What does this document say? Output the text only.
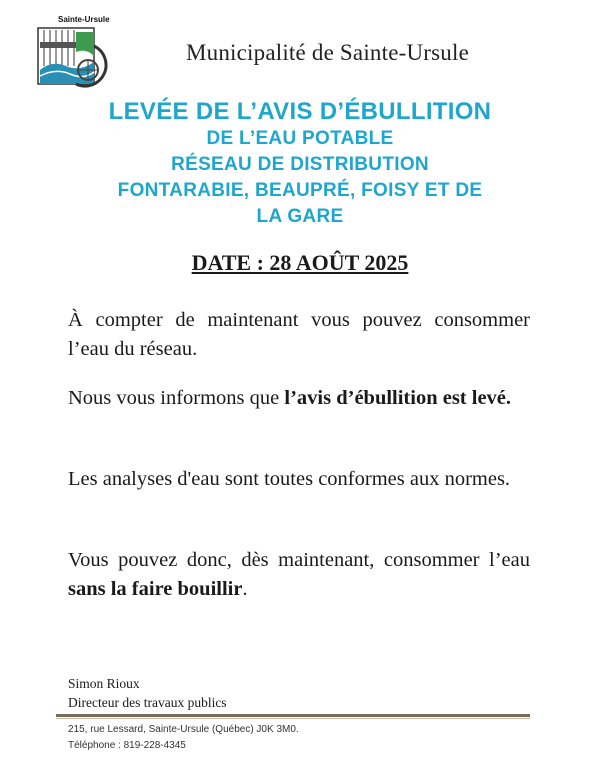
Sainte-Ursule
Municipalité de Sainte-Ursule
LEVÉE DE L’AVIS D’ÉBULLITION
DE L’EAU POTABLE
RÉSEAU DE DISTRIBUTION
FONTARABIE, BEAUPRÉ, FOISY ET DE
LA GARE
DATE : 28 AOÛT 2025
À compter de maintenant vous pouvez consommer l’eau du réseau.
Nous vous informons que l’avis d’ébullition est levé.
Les analyses d'eau sont toutes conformes aux normes.
Vous pouvez donc, dès maintenant, consommer l’eau sans la faire bouillir.
Simon Rioux
Directeur des travaux publics
215, rue Lessard, Sainte-Ursule (Québec) J0K 3M0.
Téléphone : 819-228-4345
